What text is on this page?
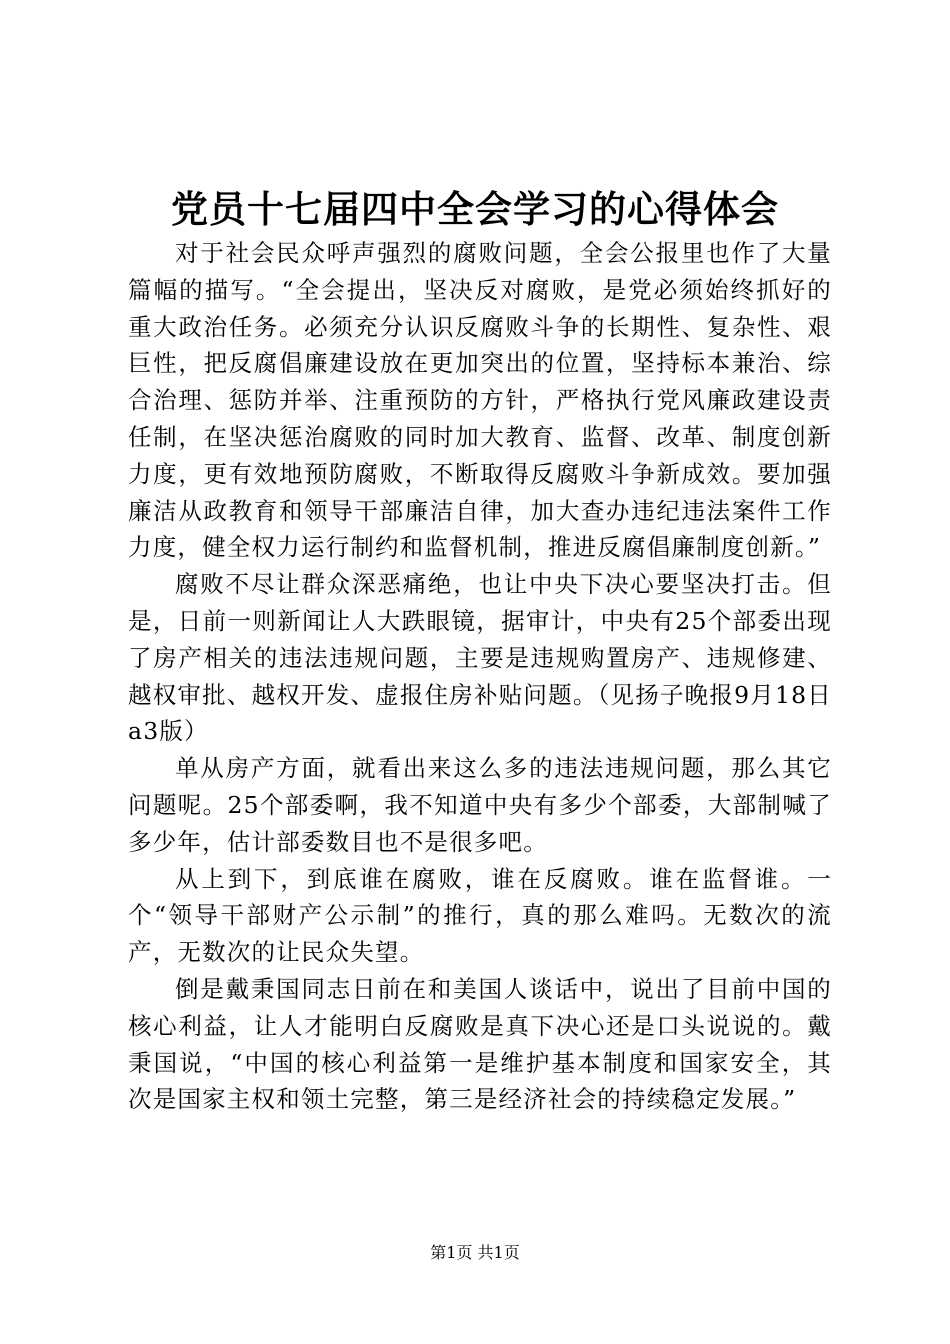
党员十七届四中全会学习的心得体会

对于社会民众呼声强烈的腐败问题，全会公报里也作了大量篇幅的描写。“全会提出，坚决反对腐败，是党必须始终抓好的重大政治任务。必须充分认识反腐败斗争的长期性、复杂性、艰巨性，把反腐倡廉建设放在更加突出的位置，坚持标本兼治、综合治理、惩防并举、注重预防的方针，严格执行党风廉政建设责任制，在坚决惩治腐败的同时加大教育、监督、改革、制度创新力度，更有效地预防腐败，不断取得反腐败斗争新成效。要加强廉洁从政教育和领导干部廉洁自律，加大查办违纪违法案件工作力度，健全权力运行制约和监督机制，推进反腐倡廉制度创新。”

腐败不尽让群众深恶痛绝，也让中央下决心要坚决打击。但是，日前一则新闻让人大跌眼镜，据审计，中央有25个部委出现了房产相关的违法违规问题，主要是违规购置房产、违规修建、越权审批、越权开发、虚报住房补贴问题。（见扬子晚报9月18日a3版）

单从房产方面，就看出来这么多的违法违规问题，那么其它问题呢。25个部委啊，我不知道中央有多少个部委，大部制喊了多少年，估计部委数目也不是很多吧。

从上到下，到底谁在腐败，谁在反腐败。谁在监督谁。一个“领导干部财产公示制”的推行，真的那么难吗。无数次的流产，无数次的让民众失望。

倒是戴秉国同志日前在和美国人谈话中，说出了目前中国的核心利益，让人才能明白反腐败是真下决心还是口头说说的。戴秉国说，“中国的核心利益第一是维护基本制度和国家安全，其次是国家主权和领土完整，第三是经济社会的持续稳定发展。”

第1页 共1页
